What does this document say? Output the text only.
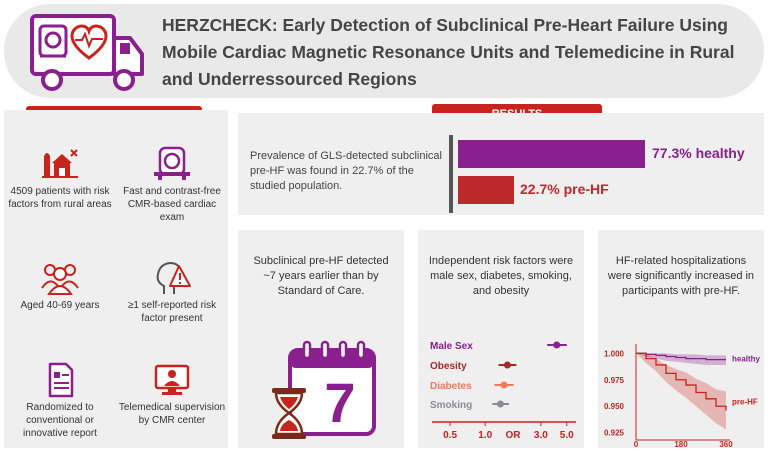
HERZCHECK: Early Detection of Subclinical Pre-Heart Failure Using Mobile Cardiac Magnetic Resonance Units and Telemedicine in Rural and Underressourced Regions
4509 patients with risk factors from rural areas
Fast and contrast-free CMR-based cardiac exam
Aged 40-69 years	≥1 self-reported risk factor present
Randomized to conventional or innovative report
Telemedical supervision by CMR center
Prevalence of GLS-detected subclinical pre-HF was found in 22.7% of the studied population.
77.3% healthy
22.7% pre-HF
Subclinical pre-HF detected ~7 years earlier than by Standard of Care.
7
Independent risk factors were male sex, diabetes, smoking, and obesity
Male Sex
Obesity
Diabetes
Smoking
0.5 1.0	3.0 5.0
OR
HF-related hospitalizations were significantly increased in participants with pre-HF.
1.000
0.975
0.950
0.925
0	180	360
healthy
pre-HF
